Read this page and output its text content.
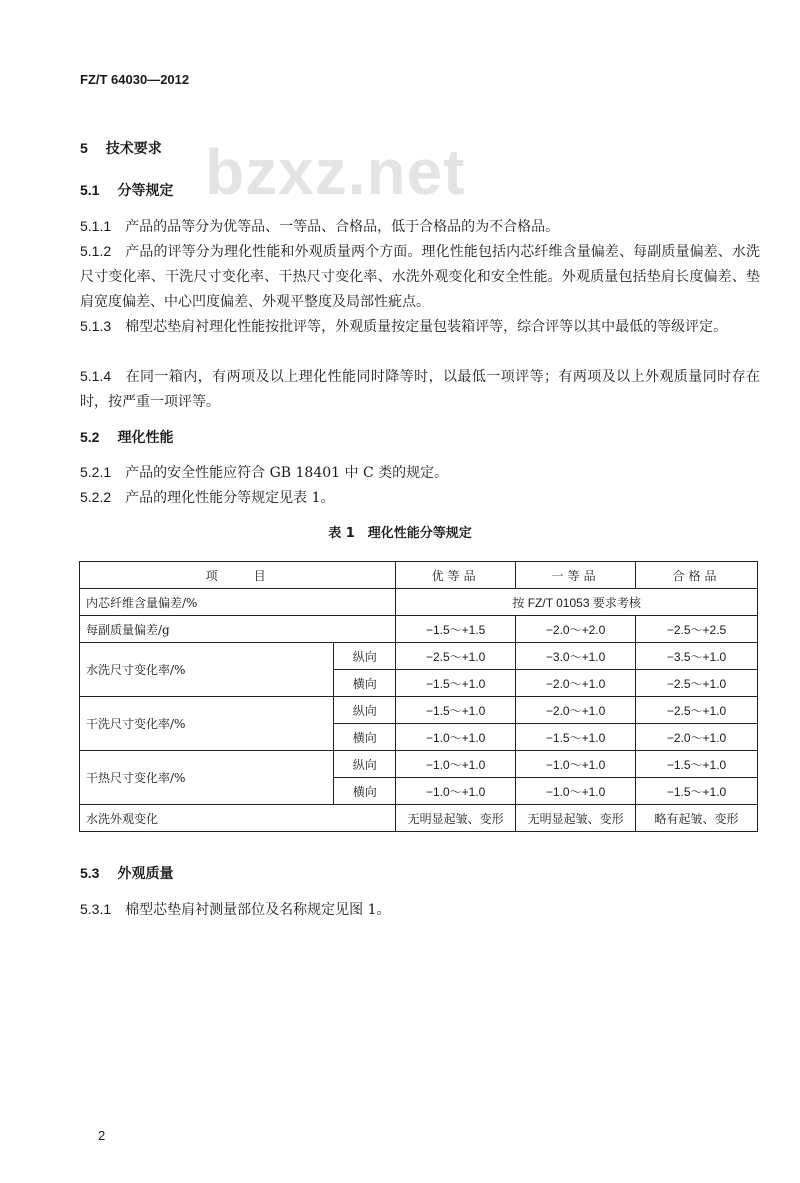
FZ/T 64030—2012
bzxz.net
5 技术要求
5.1 分等规定
5.1.1 产品的品等分为优等品、一等品、合格品，低于合格品的为不合格品。
5.1.2 产品的评等分为理化性能和外观质量两个方面。理化性能包括内芯纤维含量偏差、每副质量偏差、水洗尺寸变化率、干洗尺寸变化率、干热尺寸变化率、水洗外观变化和安全性能。外观质量包括垫肩长度偏差、垫肩宽度偏差、中心凹度偏差、外观平整度及局部性疵点。
5.1.3 棉型芯垫肩衬理化性能按批评等，外观质量按定量包装箱评等，综合评等以其中最低的等级评定。
5.1.4 在同一箱内，有两项及以上理化性能同时降等时，以最低一项评等；有两项及以上外观质量同时存在时，按严重一项评等。
5.2 理化性能
5.2.1 产品的安全性能应符合 GB 18401 中 C 类的规定。
5.2.2 产品的理化性能分等规定见表 1。
表 1　理化性能分等规定
项　　目		优等品	一等品	合格品
内芯纤维含量偏差/%		按 FZ/T 01053 要求考核		
每副质量偏差/g		−1.5～+1.5	−2.0～+2.0	−2.5～+2.5
水洗尺寸变化率/%	纵向	−2.5～+1.0	−3.0～+1.0	−3.5～+1.0
	横向	−1.5～+1.0	−2.0～+1.0	−2.5～+1.0
干洗尺寸变化率/%	纵向	−1.5～+1.0	−2.0～+1.0	−2.5～+1.0
	横向	−1.0～+1.0	−1.5～+1.0	−2.0～+1.0
干热尺寸变化率/%	纵向	−1.0～+1.0	−1.0～+1.0	−1.5～+1.0
	横向	−1.0～+1.0	−1.0～+1.0	−1.5～+1.0
水洗外观变化		无明显起皱、变形	无明显起皱、变形	略有起皱、变形
5.3 外观质量
5.3.1 棉型芯垫肩衬测量部位及名称规定见图 1。
2
